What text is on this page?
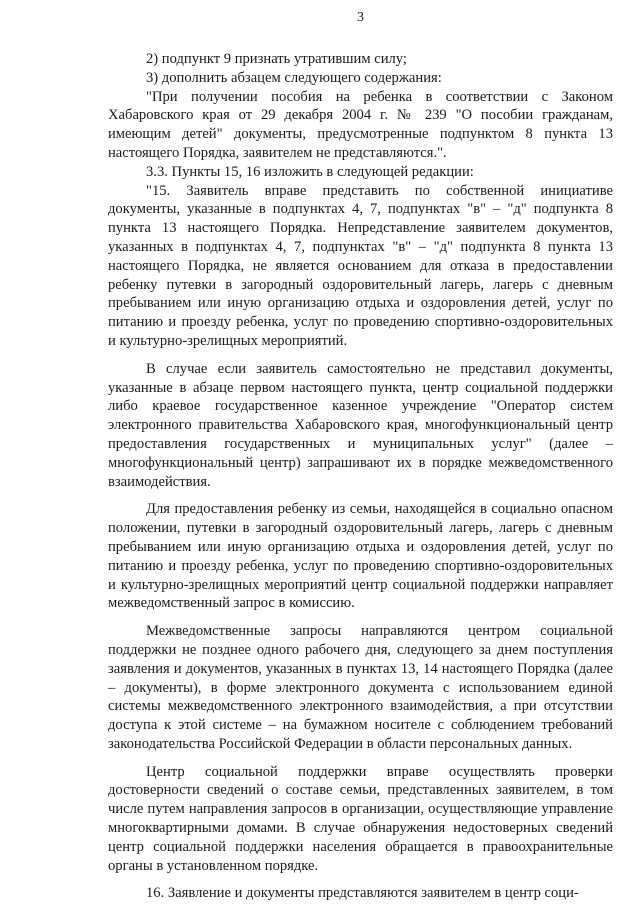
3

2) подпункт 9 признать утратившим силу;

3) дополнить абзацем следующего содержания:

"При получении пособия на ребенка в соответствии с Законом Хабаровского края от 29 декабря 2004 г. № 239 "О пособии гражданам, имеющим детей" документы, предусмотренные подпунктом 8 пункта 13 настоящего Порядка, заявителем не представляются.".

3.3. Пункты 15, 16 изложить в следующей редакции:

"15. Заявитель вправе представить по собственной инициативе документы, указанные в подпунктах 4, 7, подпунктах "в" – "д" подпункта 8 пункта 13 настоящего Порядка. Непредставление заявителем документов, указанных в подпунктах 4, 7, подпунктах "в" – "д" подпункта 8 пункта 13 настоящего Порядка, не является основанием для отказа в предоставлении ребенку путевки в загородный оздоровительный лагерь, лагерь с дневным пребыванием или иную организацию отдыха и оздоровления детей, услуг по питанию и проезду ребенка, услуг по проведению спортивно-оздоровительных и культурно-зрелищных мероприятий.

В случае если заявитель самостоятельно не представил документы, указанные в абзаце первом настоящего пункта, центр социальной поддержки либо краевое государственное казенное учреждение "Оператор систем электронного правительства Хабаровского края, многофункциональный центр предоставления государственных и муниципальных услуг" (далее – многофункциональный центр) запрашивают их в порядке межведомственного взаимодействия.

Для предоставления ребенку из семьи, находящейся в социально опасном положении, путевки в загородный оздоровительный лагерь, лагерь с дневным пребыванием или иную организацию отдыха и оздоровления детей, услуг по питанию и проезду ребенка, услуг по проведению спортивно-оздоровительных и культурно-зрелищных мероприятий центр социальной поддержки направляет межведомственный запрос в комиссию.

Межведомственные запросы направляются центром социальной поддержки не позднее одного рабочего дня, следующего за днем поступления заявления и документов, указанных в пунктах 13, 14 настоящего Порядка (далее – документы), в форме электронного документа с использованием единой системы межведомственного электронного взаимодействия, а при отсутствии доступа к этой системе – на бумажном носителе с соблюдением требований законодательства Российской Федерации в области персональных данных.

Центр социальной поддержки вправе осуществлять проверки достоверности сведений о составе семьи, представленных заявителем, в том числе путем направления запросов в организации, осуществляющие управление многоквартирными домами. В случае обнаружения недостоверных сведений центр социальной поддержки населения обращается в правоохранительные органы в установленном порядке.

16. Заявление и документы представляются заявителем в центр соци-
